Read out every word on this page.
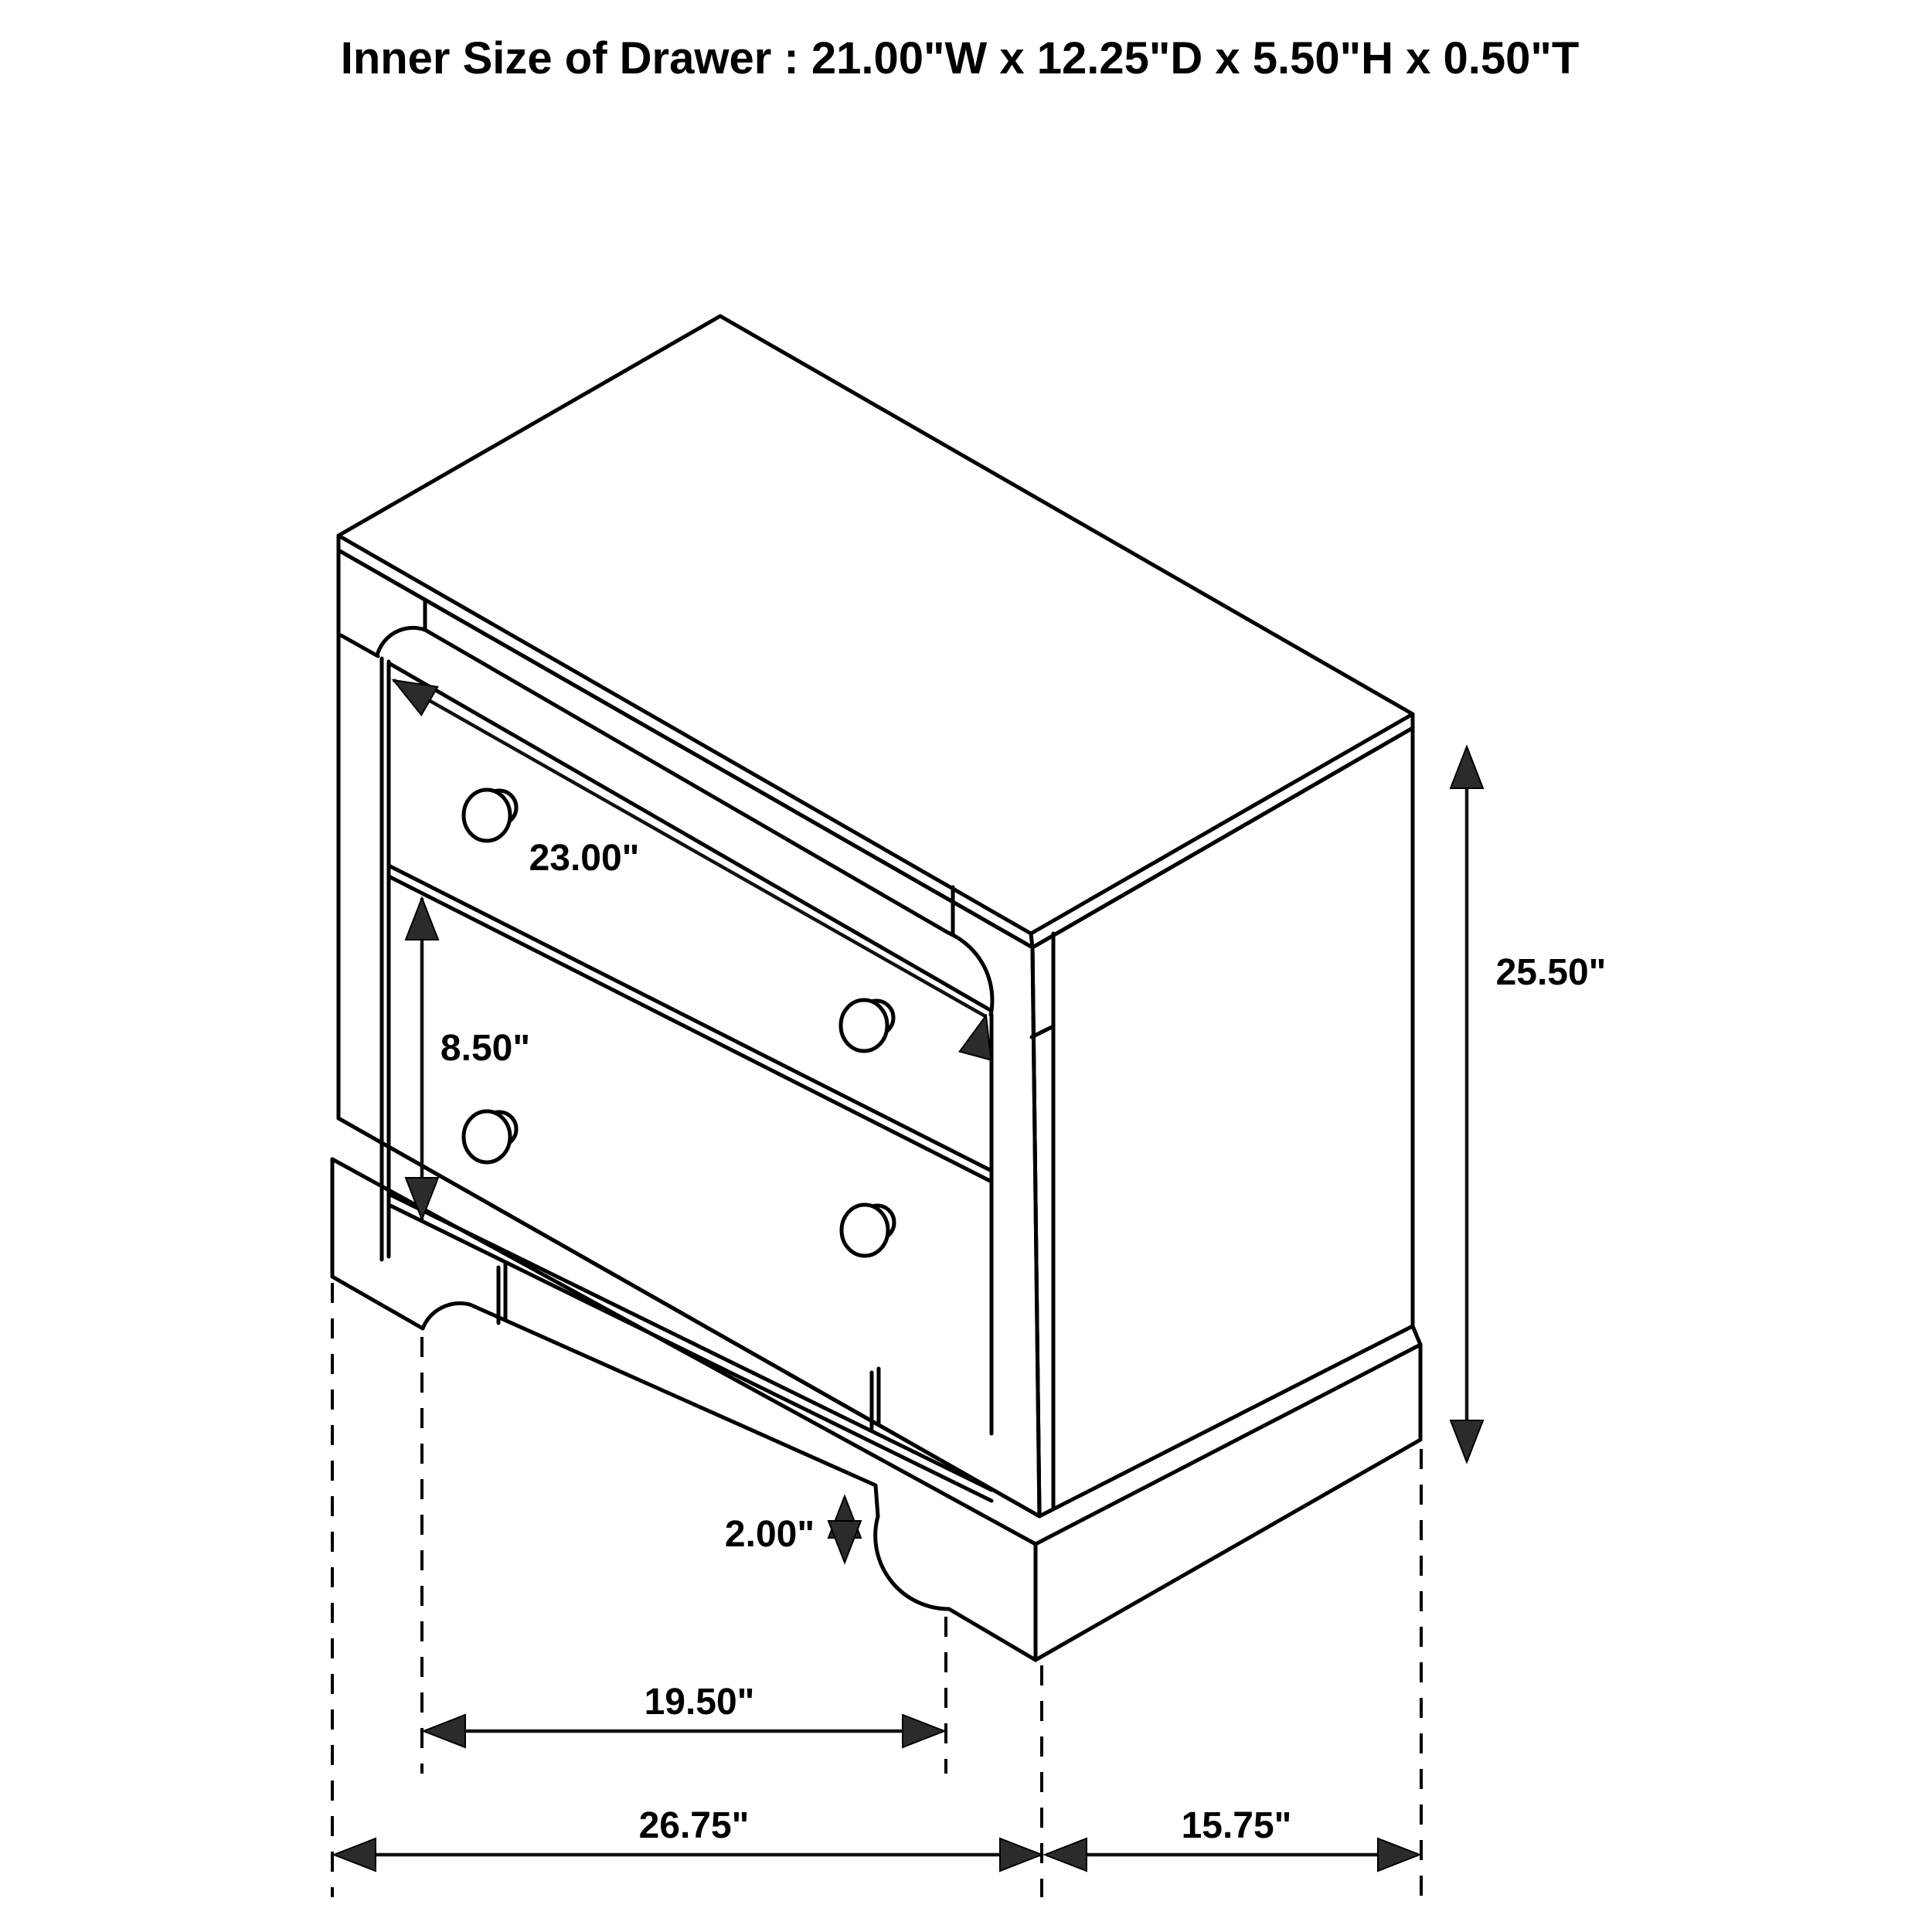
23.00"
8.50"
25.50"
2.00"
19.50"
26.75"	15.75"
Inner Size of Drawer : 21.00"W x 12.25"D x 5.50"H x 0.50"T
